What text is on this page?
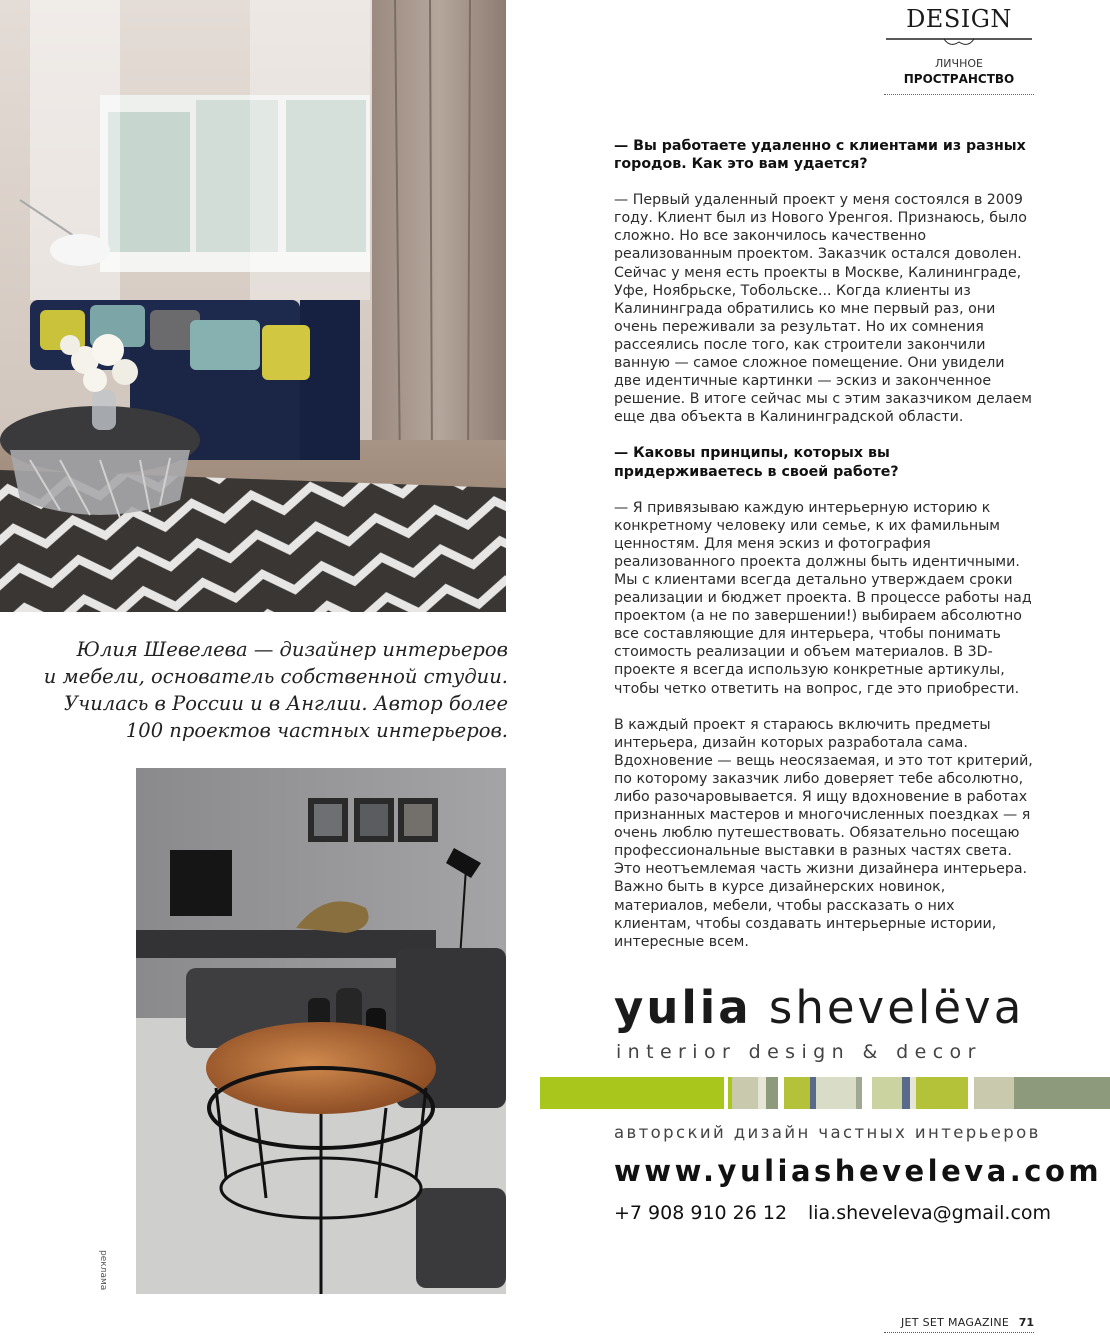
DESIGN
ЛИЧНОЕ
ПРОСТРАНСТВО
Юлия Шевелева — дизайнер интерьеров
и мебели, основатель собственной студии.
Училась в России и в Англии. Автор более
100 проектов частных интерьеров.
реклама

— Вы работаете удаленно с клиентами из разных городов. Как это вам удается?

— Первый удаленный проект у меня состоялся в 2009 году. Клиент был из Нового Уренгоя. Признаюсь, было сложно. Но все закончилось качественно реализованным проектом. Заказчик остался доволен. Сейчас у меня есть проекты в Москве, Калининграде, Уфе, Ноябрьске, Тобольске... Когда клиенты из Калининграда обратились ко мне первый раз, они очень переживали за результат. Но их сомнения рассеялись после того, как строители закончили ванную — самое сложное помещение. Они увидели две идентичные картинки — эскиз и законченное решение. В итоге сейчас мы с этим заказчиком делаем еще два объекта в Калининградской области.

— Каковы принципы, которых вы придерживаетесь в своей работе?

— Я привязываю каждую интерьерную историю к конкретному человеку или семье, к их фамильным ценностям. Для меня эскиз и фотография реализованного проекта должны быть идентичными. Мы с клиентами всегда детально утверждаем сроки реализации и бюджет проекта. В процессе работы над проектом (а не по завершении!) выбираем абсолютно все составляющие для интерьера, чтобы понимать стоимость реализации и объем материалов. В 3D-проекте я всегда использую конкретные артикулы, чтобы четко ответить на вопрос, где это приобрести.

В каждый проект я стараюсь включить предметы интерьера, дизайн которых разработала сама. Вдохновение — вещь неосязаемая, и это тот критерий, по которому заказчик либо доверяет тебе абсолютно, либо разочаровывается. Я ищу вдохновение в работах признанных мастеров и многочисленных поездках — я очень люблю путешествовать. Обязательно посещаю профессиональные выставки в разных частях света. Это неотъемлемая часть жизни дизайнера интерьера. Важно быть в курсе дизайнерских новинок, материалов, мебели, чтобы рассказать о них клиентам, чтобы создавать интерьерные истории, интересные всем.

yulia shevelёva
interior design & decor
авторский дизайн частных интерьеров
www.yuliasheveleva.com
+7 908 910 26 12 lia.sheveleva@gmail.com
JET SET MAGAZINE 71
